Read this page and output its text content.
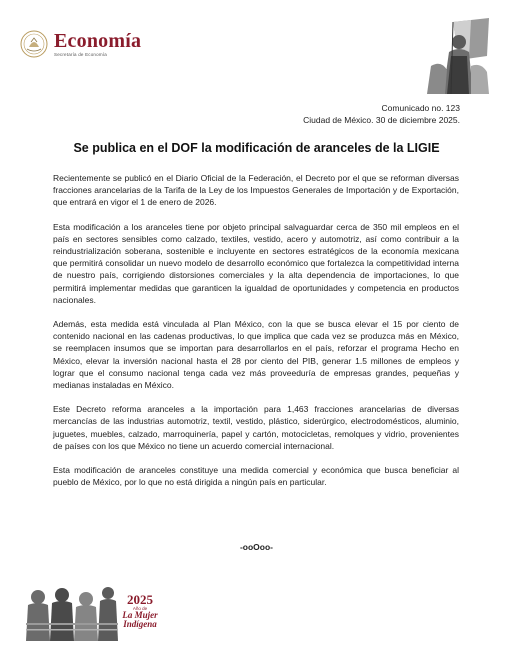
Economía
Secretaría de Economía
Comunicado no. 123
Ciudad de México. 30 de diciembre 2025.
Se publica en el DOF la modificación de aranceles de la LIGIE

Recientemente se publicó en el Diario Oficial de la Federación, el Decreto por el que se reforman diversas fracciones arancelarias de la Tarifa de la Ley de los Impuestos Generales de Importación y de Exportación, que entrará en vigor el 1 de enero de 2026.

Esta modificación a los aranceles tiene por objeto principal salvaguardar cerca de 350 mil empleos en el país en sectores sensibles como calzado, textiles, vestido, acero y automotriz, así como contribuir a la reindustrialización soberana, sostenible e incluyente en sectores estratégicos de la economía mexicana que permitirá consolidar un nuevo modelo de desarrollo económico que fortalezca la competitividad interna de nuestro país, corrigiendo distorsiones comerciales y la alta dependencia de importaciones, lo que permitirá implementar medidas que garanticen la igualdad de oportunidades y competencia en productos nacionales.

Además, esta medida está vinculada al Plan México, con la que se busca elevar el 15 por ciento de contenido nacional en las cadenas productivas, lo que implica que cada vez se produzca más en México, se reemplacen insumos que se importan para desarrollarlos en el país, reforzar el programa Hecho en México, elevar la inversión nacional hasta el 28 por ciento del PIB, generar 1.5 millones de empleos y lograr que el consumo nacional tenga cada vez más proveeduría de empresas grandes, pequeñas y medianas instaladas en México.

Este Decreto reforma aranceles a la importación para 1,463 fracciones arancelarias de diversas mercancías de las industrias automotriz, textil, vestido, plástico, siderúrgico, electrodomésticos, aluminio, juguetes, muebles, calzado, marroquinería, papel y cartón, motocicletas, remolques y vidrio, provenientes de países con los que México no tiene un acuerdo comercial internacional.

Esta modificación de aranceles constituye una medida comercial y económica que busca beneficiar al pueblo de México, por lo que no está dirigida a ningún país en particular.

-ooOoo-
2025
Año de
La Mujer
Indígena
